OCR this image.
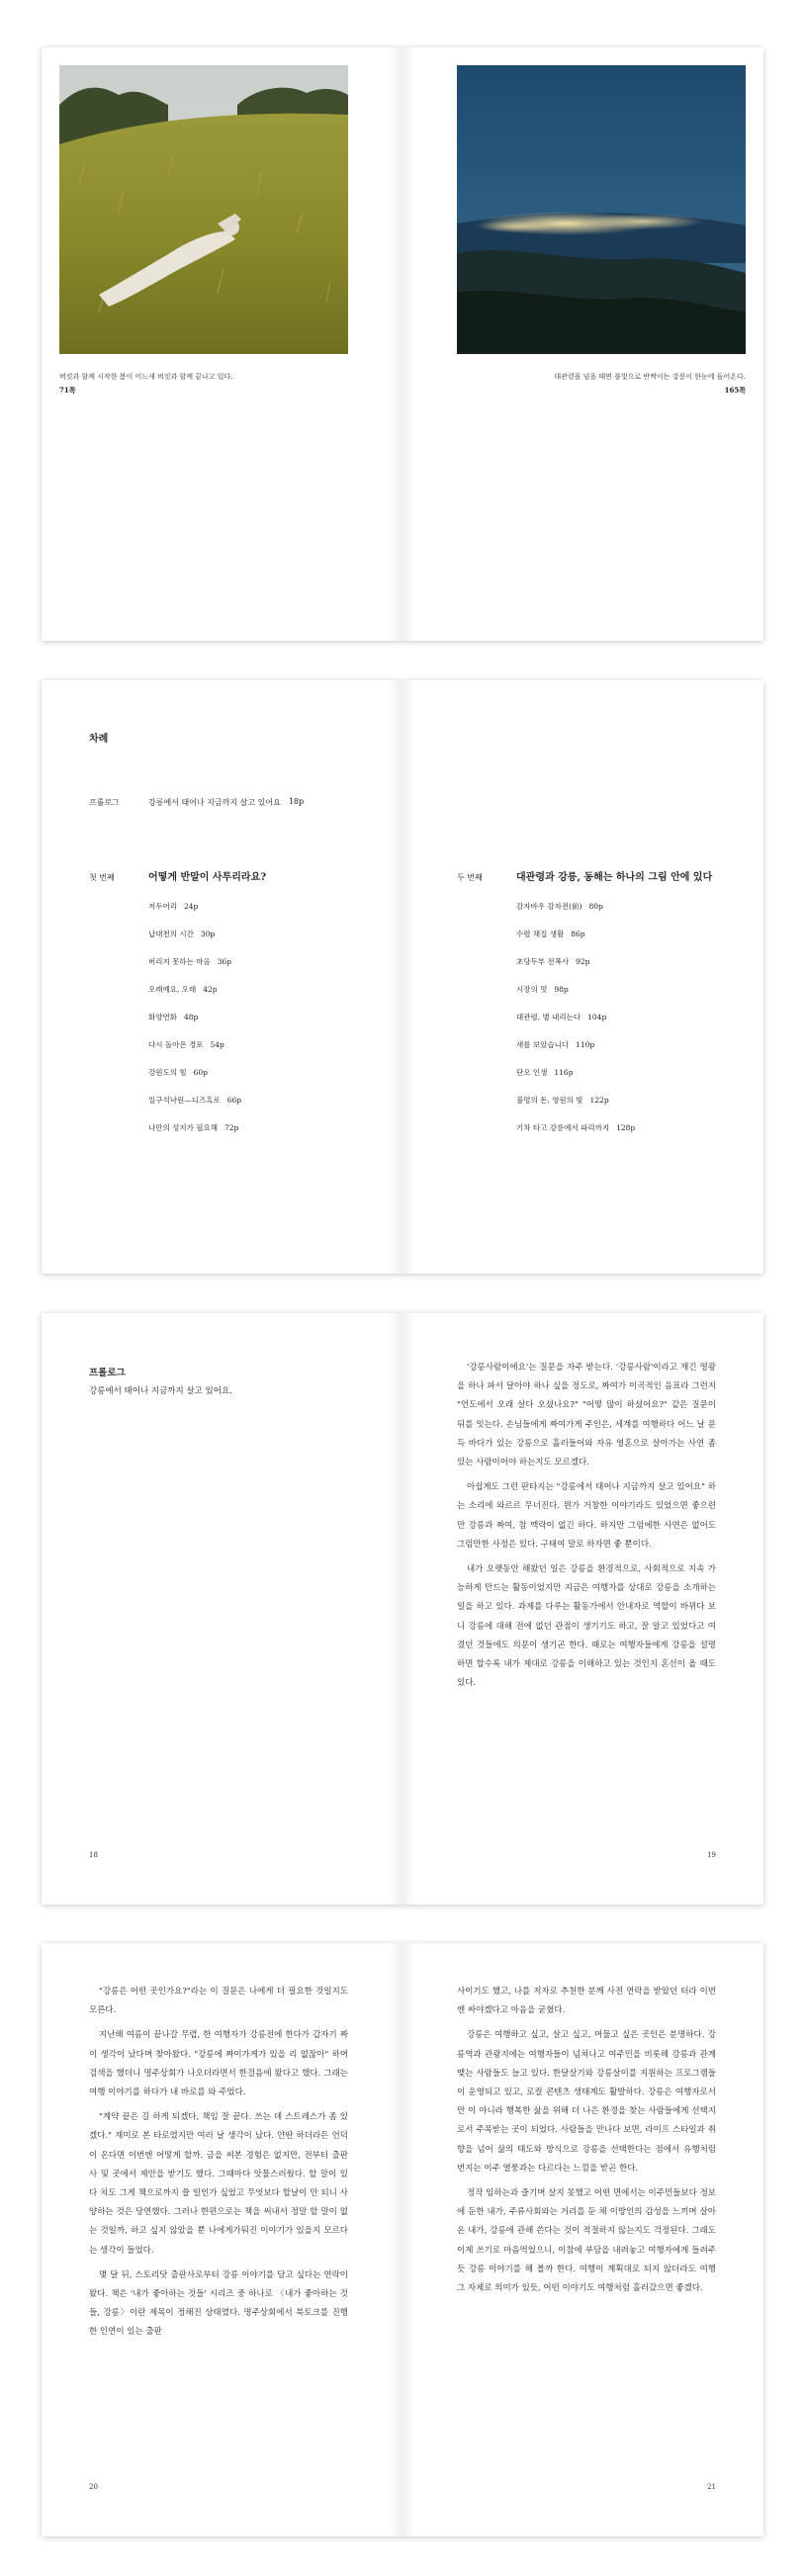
버킷과 함께 시작한 봄이 어느새 버킷과 함께 끝나고 있다.
71쪽
대관령을 넘을 때면 불빛으로 반짝이는 강릉이 한눈에 들어온다.
165쪽
차례
프롤로그	강릉에서 태어나 지금까지 살고 있어요 18p
첫 번째	어떻게 반말이 사투리라요?
저두어리 24p
납대천의 시간 30p
버리지 못하는 마음 36p
오래예요, 오래 42p
화양연화 48p
다시 돌아온 경포 54p
강원도의 힘 60p
일구석낙원—디즈흑로 66p
나만의 성지가 필요해 72p
두 번째	대관령과 강릉, 동해는 하나의 그림 안에 있다
감자바우 감자전(前) 80p
수렴 채집 생활 86p
초당두부 전폭사 92p
시장의 멋 98p
대관령, 별 내리는다 104p
새를 보았습니다 110p
단오 인생 116p
불멍의 돈, 영원의 빛 122p
기차 타고 강릉에서 파리까지 128p
프롤로그
강릉에서 태어나 지금까지 살고 있어요.
18

'강릉사람이에요'는 질문을 자주 받는다. '강릉사람'이라고 재긴 영광을 하나 파서 달아야 하나 싶을 정도로, 짜여가 이곡적인 음표라 그런지 "언도에서 오래 살다 오셨나요?" "어떻 많이 하셨어요?" 같은 질문이 뒤를 잇는다. 손님들에게 짜여가게 주인은, 세계를 여행하다 어느 날 문득 바다가 있는 강릉으로 흘러들어와 자유 영혼으로 살아가는 사연 좀 있는 사람이어야 하는지도 모르겠다.

아쉽게도 그런 판타지는 "강릉에서 태어나 지금까지 살고 있어요" 하는 소리에 와르르 무너진다. 뭔가 거창한 이야기라도 있었으면 좋으련만 강릉과 짜여, 참 맥락이 없긴 하다. 하지만 그럼에한 사연은 없어도 그럼만한 사정은 있다. 구태여 말로 하자면 좋 뿐이다.

내가 오랫동안 해왔던 일은 강릉을 환경적으로, 사회적으로 지속 가능하게 만드는 활동이었지만 지금은 여행자를 상대로 강릉을 소개하는 일을 하고 있다. 과제를 다루는 활동가에서 안내자로 역할이 바뀌다 보니 강릉에 대해 전에 없던 관점이 생기기도 하고, 잘 알고 있었다고 여겼던 것들에도 의문이 생기곤 한다. 때로는 여행자들에게 강릉을 설명하면 할수록 내가 제대로 강릉을 이해하고 있는 것인지 혼선이 올 때도 있다.

19

"강릉은 어떤 곳인가요?"라는 이 질문은 나에게 더 필요한 것일지도 모른다.

지난해 여름이 끝나갈 무렵, 한 여행자가 강릉전에 한다가 갑자기 짜이 생각이 났다며 찾아왔다. "강릉에 짜이가게가 있을 리 없잖아" 하며 검색을 했더니 명주상회가 나오더라면서 한걸음에 왔다고 했다. 그래는 여행 이야기를 하다가 내 바로를 와 주었다.

"계약 끝은 길 하게 되겠다, 책임 잘 끝다. 쓰는 데 스트레스가 좀 있겠다." 재미로 본 타로였지만 여러 날 생각이 났다. 얀딴 하더라든 언덕이 온다면 이번엔 어떻게 할까. 금을 써본 경험은 없지만, 전부터 출판사 및 곳에서 제안을 받기도 했다. 그때마다 앗물스러웠다. 할 말이 있다 치도 그게 책으로까지 쓸 일인가 싶었고 무엇보다 할날이 안 되니 사양하는 것은 당연했다. 그러나 한편으로는 책을 써내서 정말 할 말이 없는 것일까, 하고 싶지 않았을 뿐 나에게가둬진 이야기가 있을지 모르다는 생각이 들었다.

몇 달 뒤, 스토리닷 출판사로부터 강릉 이야기를 담고 싶다는 연락이 왔다. 책은 '내가 좋아하는 것들' 시리즈 중 하나로 〈내가 좋아하는 것들, 강릉〉이란 제목이 정해진 상태였다. 명주상회에서 북토크를 진행한 인연이 있는 출판

20

사이기도 했고, 나를 저자로 추천한 분께 사전 연락을 받았던 터라 이번엔 싸야겠다고 마음을 굳혔다.

강릉은 여행하고 싶고, 살고 싶고, 머물고 싶은 곳인은 분명하다. 강릉역과 관광지에는 여행자들이 넘쳐나고 여주민을 비롯해 강릉과 관계 맺는 사람들도 늘고 있다. 한달살기와 강릉살이를 지원하는 프로그램들이 운영되고 있고, 로컬 콘텐츠 생태계도 활발하다. 강릉은 여행자로서만 이 아니라 행복한 삶을 위해 더 나은 환경을 찾는 사람들에게 선택지로서 주목받는 곳이 되었다. 사람들을 만나다 보면, 라이프 스타일과 취향을 넘어 삶의 태도와 방식으로 강릉을 선택한다는 점에서 유행처럼 번지는 이주 열풍과는 다르다는 느낌을 받곤 한다.

정작 임하는과 즐기며 살지 못했고 어떤 면에서는 이주민들보다 정보에 둔한 내가, 주류사회와는 거리를 둔 채 이방인의 감성을 느끼며 살아온 내가, 강릉에 관해 쓴다는 것이 적절하지 않는지도 걱정된다. 그래도 이제 쓰기로 마음먹었으니, 이참에 부담을 내려놓고 여행자에게 들려주듯 강릉 이야기를 해 볼까 한다. 여행이 계획대로 되지 않더라도 여행 그 자체로 의미가 있듯, 어떤 이야기도 여행처럼 흘러갔으면 좋겠다.

21
